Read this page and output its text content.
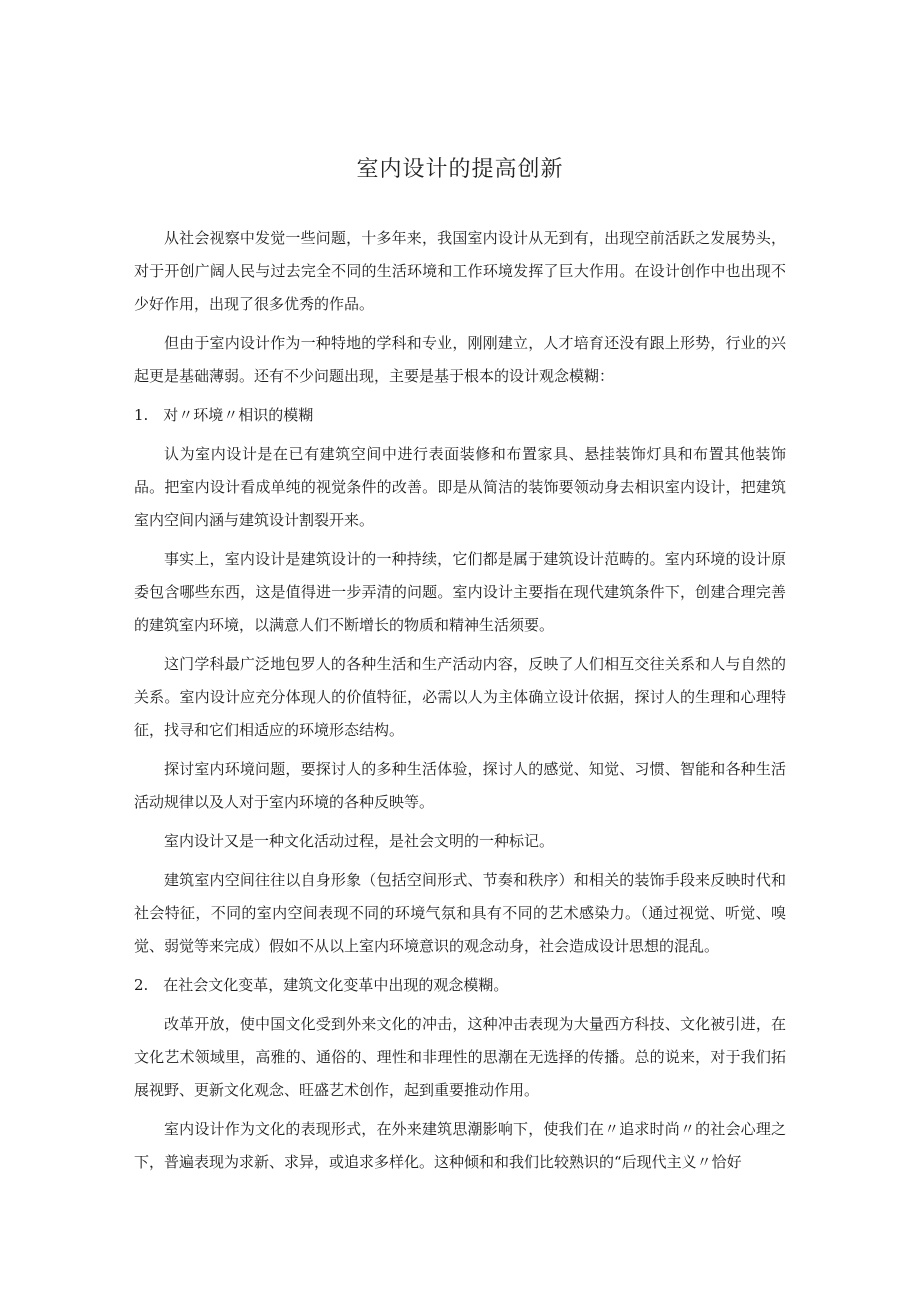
室内设计的提高创新

从社会视察中发觉一些问题，十多年来，我国室内设计从无到有，出现空前活跃之发展势头，对于开创广阔人民与过去完全不同的生活环境和工作环境发挥了巨大作用。在设计创作中也出现不少好作用，出现了很多优秀的作品。

但由于室内设计作为一种特地的学科和专业，刚刚建立，人才培育还没有跟上形势，行业的兴起更是基础薄弱。还有不少问题出现，主要是基于根本的设计观念模糊：

1.　对〃环境〃相识的模糊

认为室内设计是在已有建筑空间中进行表面装修和布置家具、悬挂装饰灯具和布置其他装饰品。把室内设计看成单纯的视觉条件的改善。即是从简洁的装饰要领动身去相识室内设计，把建筑室内空间内涵与建筑设计割裂开来。

事实上，室内设计是建筑设计的一种持续，它们都是属于建筑设计范畴的。室内环境的设计原委包含哪些东西，这是值得进一步弄清的问题。室内设计主要指在现代建筑条件下，创建合理完善的建筑室内环境，以满意人们不断增长的物质和精神生活须要。

这门学科最广泛地包罗人的各种生活和生产活动内容，反映了人们相互交往关系和人与自然的关系。室内设计应充分体现人的价值特征，必需以人为主体确立设计依据，探讨人的生理和心理特征，找寻和它们相适应的环境形态结构。

探讨室内环境问题，要探讨人的多种生活体验，探讨人的感觉、知觉、习惯、智能和各种生活活动规律以及人对于室内环境的各种反映等。

室内设计又是一种文化活动过程，是社会文明的一种标记。

建筑室内空间往往以自身形象（包括空间形式、节奏和秩序）和相关的装饰手段来反映时代和社会特征，不同的室内空间表现不同的环境气氛和具有不同的艺术感染力。（通过视觉、听觉、嗅觉、弱觉等来完成）假如不从以上室内环境意识的观念动身，社会造成设计思想的混乱。

2.　在社会文化变革，建筑文化变革中出现的观念模糊。

改革开放，使中国文化受到外来文化的冲击，这种冲击表现为大量西方科技、文化被引进，在文化艺术领域里，高雅的、通俗的、理性和非理性的思潮在无选择的传播。总的说来，对于我们拓展视野、更新文化观念、旺盛艺术创作，起到重要推动作用。

室内设计作为文化的表现形式，在外来建筑思潮影响下，使我们在〃追求时尚〃的社会心理之下，普遍表现为求新、求异，或追求多样化。这种倾和和我们比较熟识的“后现代主义〃恰好
